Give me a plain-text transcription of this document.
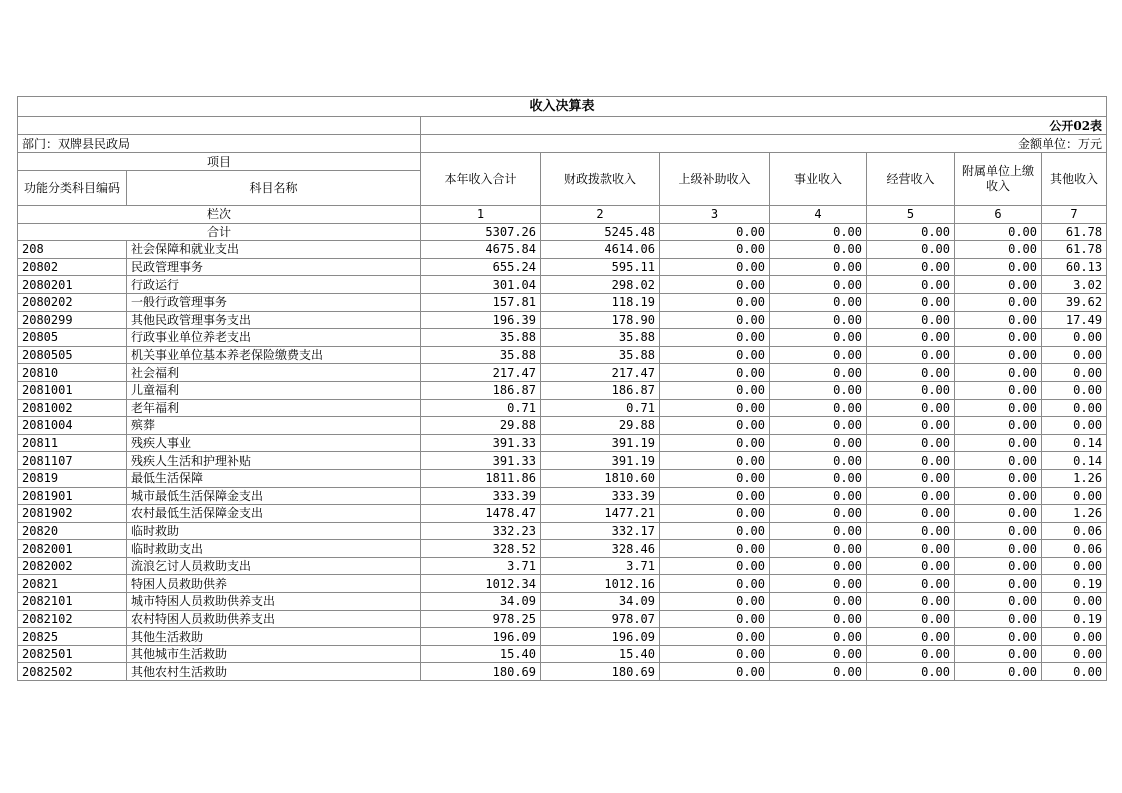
收入决算表								
		公开02表						
部门：双牌县民政局		金额单位：万元						
项目		本年收入合计	财政拨款收入	上级补助收入	事业收入	经营收入	附属单位上缴收入	其他收入
功能分类科目编码	科目名称							
栏次		1	2	3	4	5	6	7
合计		5307.26	5245.48	0.00	0.00	0.00	0.00	61.78
208	社会保障和就业支出	4675.84	4614.06	0.00	0.00	0.00	0.00	61.78
20802	民政管理事务	655.24	595.11	0.00	0.00	0.00	0.00	60.13
2080201	行政运行	301.04	298.02	0.00	0.00	0.00	0.00	3.02
2080202	一般行政管理事务	157.81	118.19	0.00	0.00	0.00	0.00	39.62
2080299	其他民政管理事务支出	196.39	178.90	0.00	0.00	0.00	0.00	17.49
20805	行政事业单位养老支出	35.88	35.88	0.00	0.00	0.00	0.00	0.00
2080505	机关事业单位基本养老保险缴费支出	35.88	35.88	0.00	0.00	0.00	0.00	0.00
20810	社会福利	217.47	217.47	0.00	0.00	0.00	0.00	0.00
2081001	儿童福利	186.87	186.87	0.00	0.00	0.00	0.00	0.00
2081002	老年福利	0.71	0.71	0.00	0.00	0.00	0.00	0.00
2081004	殡葬	29.88	29.88	0.00	0.00	0.00	0.00	0.00
20811	残疾人事业	391.33	391.19	0.00	0.00	0.00	0.00	0.14
2081107	残疾人生活和护理补贴	391.33	391.19	0.00	0.00	0.00	0.00	0.14
20819	最低生活保障	1811.86	1810.60	0.00	0.00	0.00	0.00	1.26
2081901	城市最低生活保障金支出	333.39	333.39	0.00	0.00	0.00	0.00	0.00
2081902	农村最低生活保障金支出	1478.47	1477.21	0.00	0.00	0.00	0.00	1.26
20820	临时救助	332.23	332.17	0.00	0.00	0.00	0.00	0.06
2082001	临时救助支出	328.52	328.46	0.00	0.00	0.00	0.00	0.06
2082002	流浪乞讨人员救助支出	3.71	3.71	0.00	0.00	0.00	0.00	0.00
20821	特困人员救助供养	1012.34	1012.16	0.00	0.00	0.00	0.00	0.19
2082101	城市特困人员救助供养支出	34.09	34.09	0.00	0.00	0.00	0.00	0.00
2082102	农村特困人员救助供养支出	978.25	978.07	0.00	0.00	0.00	0.00	0.19
20825	其他生活救助	196.09	196.09	0.00	0.00	0.00	0.00	0.00
2082501	其他城市生活救助	15.40	15.40	0.00	0.00	0.00	0.00	0.00
2082502	其他农村生活救助	180.69	180.69	0.00	0.00	0.00	0.00	0.00
